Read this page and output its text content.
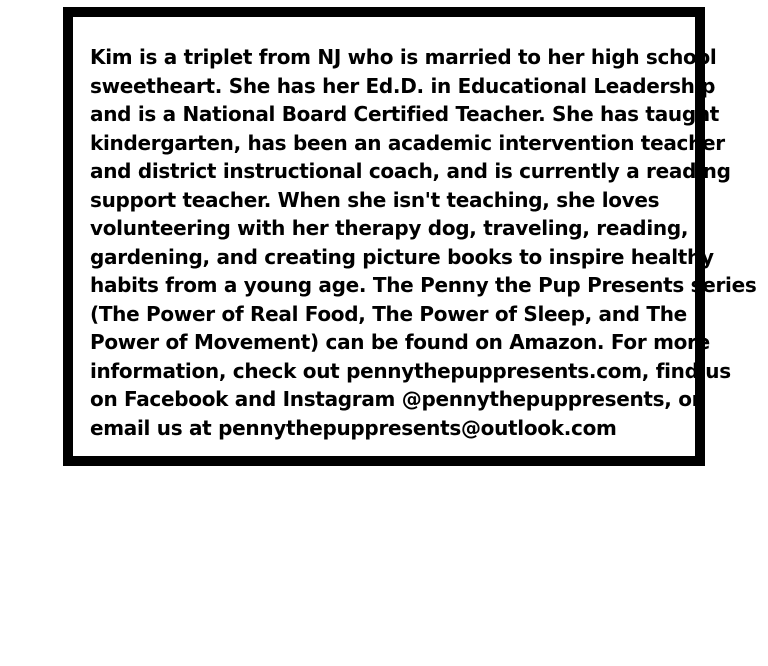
Kim is a triplet from NJ who is married to her high school
sweetheart. She has her Ed.D. in Educational Leadership
and is a National Board Certified Teacher. She has taught
kindergarten, has been an academic intervention teacher
and district instructional coach, and is currently a reading
support teacher. When she isn't teaching, she loves
volunteering with her therapy dog, traveling, reading,
gardening, and creating picture books to inspire healthy
habits from a young age. The Penny the Pup Presents series
(The Power of Real Food, The Power of Sleep, and The
Power of Movement) can be found on Amazon. For more
information, check out pennythepuppresents.com, find us
on Facebook and Instagram @pennythepuppresents, or
email us at pennythepuppresents@outlook.com
